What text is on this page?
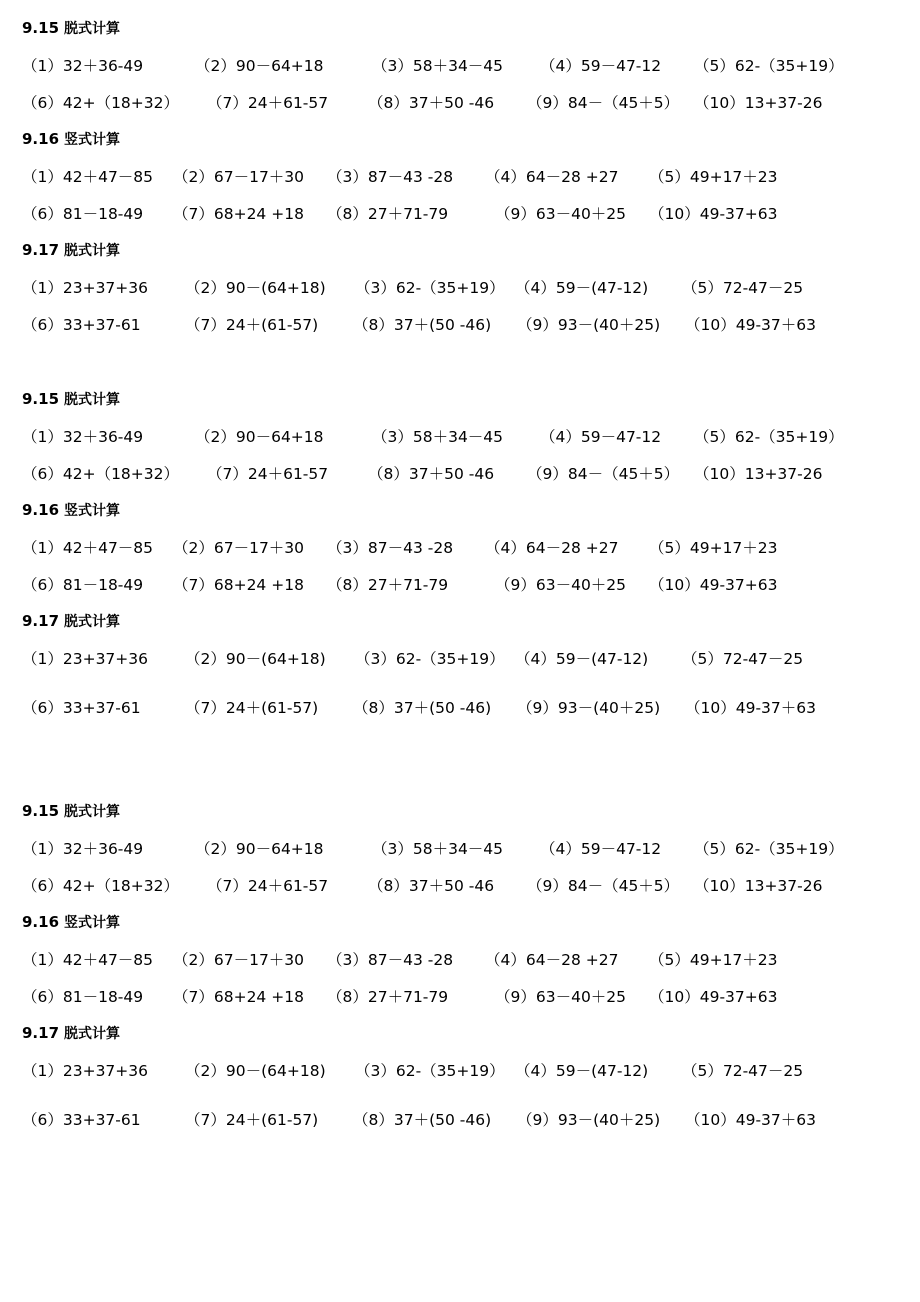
9.15 脱式计算
（1）32＋36-49	（2）90－64+18	（3）58＋34－45 （4）59－47-12 （5）62-（35+19）
（6）42+（18+32） （7）24＋61-57	（8）37＋50 -46 （9）84－（45＋5） （10）13+37-26
9.16 竖式计算
（1）42＋47－85 （2）67－17＋30 （3）87－43 -28 （4）64－28 +27 （5）49+17＋23
（6）81－18-49 （7）68+24 +18 （8）27＋71-79	（9）63－40＋25 （10）49-37+63
9.17 脱式计算
（1）23+37+36 （2）90－(64+18) （3）62-（35+19） （4）59－(47-12) （5）72-47－25
（6）33+37-61	（7）24＋(61-57) （8）37＋(50 -46) （9）93－(40＋25) （10）49-37＋63
9.15 脱式计算
（1）32＋36-49	（2）90－64+18	（3）58＋34－45 （4）59－47-12 （5）62-（35+19）
（6）42+（18+32） （7）24＋61-57	（8）37＋50 -46 （9）84－（45＋5） （10）13+37-26
9.16 竖式计算
（1）42＋47－85 （2）67－17＋30 （3）87－43 -28 （4）64－28 +27 （5）49+17＋23
（6）81－18-49 （7）68+24 +18 （8）27＋71-79	（9）63－40＋25 （10）49-37+63
9.17 脱式计算
（1）23+37+36 （2）90－(64+18) （3）62-（35+19） （4）59－(47-12) （5）72-47－25
（6）33+37-61	（7）24＋(61-57) （8）37＋(50 -46) （9）93－(40＋25) （10）49-37＋63
9.15 脱式计算
（1）32＋36-49	（2）90－64+18	（3）58＋34－45 （4）59－47-12 （5）62-（35+19）
（6）42+（18+32） （7）24＋61-57	（8）37＋50 -46 （9）84－（45＋5） （10）13+37-26
9.16 竖式计算
（1）42＋47－85 （2）67－17＋30 （3）87－43 -28 （4）64－28 +27 （5）49+17＋23
（6）81－18-49 （7）68+24 +18 （8）27＋71-79	（9）63－40＋25 （10）49-37+63
9.17 脱式计算
（1）23+37+36 （2）90－(64+18) （3）62-（35+19） （4）59－(47-12) （5）72-47－25
（6）33+37-61	（7）24＋(61-57) （8）37＋(50 -46) （9）93－(40＋25) （10）49-37＋63
